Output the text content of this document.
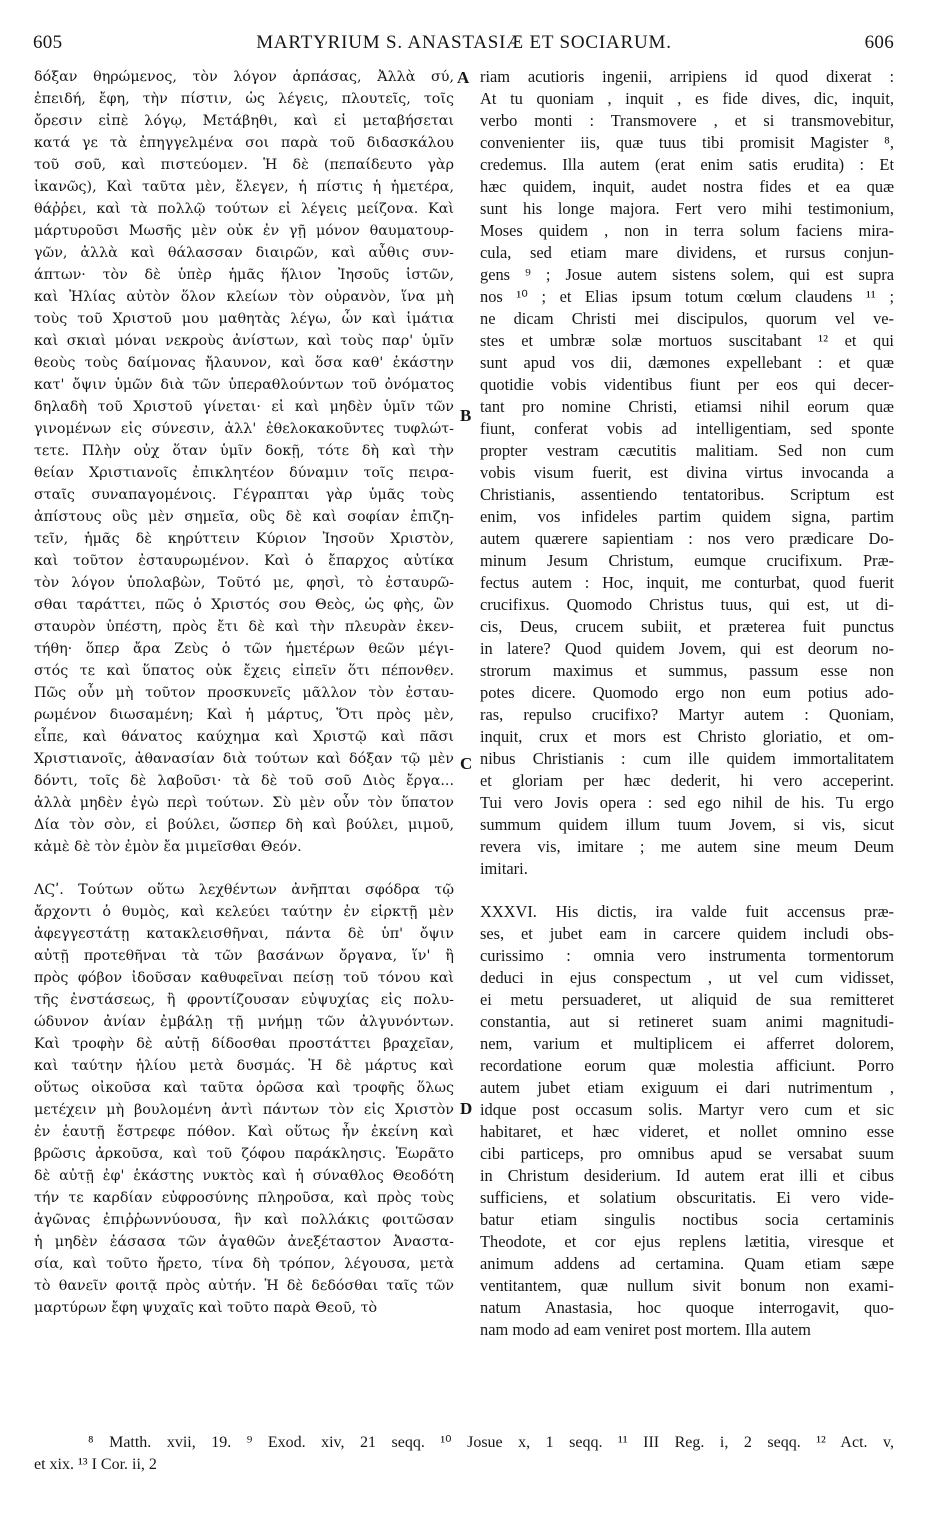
MARTYRIUM S. ANASTASIÆ ET SOCIARUM.
605	606
A
B
C
D
δόξαν θηρώμενος, τὸν λόγον ἁρπάσας, Ἀλλὰ σύ,
ἐπειδή, ἔφη, τὴν πίστιν, ὡς λέγεις, πλουτεῖς, τοῖς
ὄρεσιν εἰπὲ λόγῳ, Μετάβηθι, καὶ εἰ μεταβήσεται
κατά γε τὰ ἐπηγγελμένα σοι παρὰ τοῦ διδασκάλου
τοῦ σοῦ, καὶ πιστεύομεν. Ἡ δὲ (πεπαίδευτο γὰρ
ἱκανῶς), Καὶ ταῦτα μὲν, ἔλεγεν, ἡ πίστις ἡ ἡμετέρα,
θάῤῥει, καὶ τὰ πολλῷ τούτων εἰ λέγεις μείζονα. Καὶ
μάρτυροῦσι Μωσῆς μὲν οὐκ ἐν γῇ μόνον θαυματουρ-
γῶν, ἀλλὰ καὶ θάλασσαν διαιρῶν, καὶ αὖθις συν-
άπτων· τὸν δὲ ὑπὲρ ἡμᾶς ἥλιον Ἰησοῦς ἱστῶν,
καὶ Ἠλίας αὐτὸν ὅλον κλείων τὸν οὐρανὸν, ἵνα μὴ
τοὺς τοῦ Χριστοῦ μου μαθητὰς λέγω, ὧν καὶ ἱμάτια
καὶ σκιαὶ μόναι νεκροὺς ἀνίστων, καὶ τοὺς παρ' ὑμῖν
θεοὺς τοὺς δαίμονας ἤλαυνον, καὶ ὅσα καθ' ἑκάστην
κατ' ὄψιν ὑμῶν διὰ τῶν ὑπεραθλούντων τοῦ ὀνόματος
δηλαδὴ τοῦ Χριστοῦ γίνεται· εἰ καὶ μηδὲν ὑμῖν τῶν
γινομένων εἰς σύνεσιν, ἀλλ' ἐθελοκακοῦντες τυφλώτ-
τετε. Πλὴν οὐχ ὅταν ὑμῖν δοκῇ, τότε δὴ καὶ τὴν
θείαν Χριστιανοῖς ἐπικλητέον δύναμιν τοῖς πειρα-
σταῖς συναπαγομένοις. Γέγραπται γὰρ ὑμᾶς τοὺς
ἀπίστους οὓς μὲν σημεῖα, οὓς δὲ καὶ σοφίαν ἐπιζη-
τεῖν, ἡμᾶς δὲ κηρύττειν Κύριον Ἰησοῦν Χριστὸν,
καὶ τοῦτον ἐσταυρωμένον. Καὶ ὁ ἔπαρχος αὐτίκα
τὸν λόγον ὑπολαβὼν, Τοῦτό με, φησὶ, τὸ ἐσταυρῶ-
σθαι ταράττει, πῶς ὁ Χριστός σου Θεὸς, ὡς φὴς, ὢν
σταυρὸν ὑπέστη, πρὸς ἔτι δὲ καὶ τὴν πλευρὰν ἐκεν-
τήθη· ὅπερ ἄρα Ζεὺς ὁ τῶν ἡμετέρων θεῶν μέγι-
στός τε καὶ ὕπατος οὐκ ἔχεις εἰπεῖν ὅτι πέπονθεν.
Πῶς οὖν μὴ τοῦτον προσκυνεῖς μᾶλλον τὸν ἐσταυ-
ρωμένον διωσαμένη; Καὶ ἡ μάρτυς, Ὅτι πρὸς μὲν,
εἶπε, καὶ θάνατος καύχημα καὶ Χριστῷ καὶ πᾶσι
Χριστιανοῖς, ἀθανασίαν διὰ τούτων καὶ δόξαν τῷ μὲν
δόντι, τοῖς δὲ λαβοῦσι· τὰ δὲ τοῦ σοῦ Διὸς ἔργα...
ἀλλὰ μηδὲν ἐγὼ περὶ τούτων. Σὺ μὲν οὖν τὸν ὕπατον
Δία τὸν σὸν, εἰ βούλει, ὥσπερ δὴ καὶ βούλει, μιμοῦ,
κἀμὲ δὲ τὸν ἐμὸν ἔα μιμεῖσθαι Θεόν.
ΛϚʹ. Τούτων οὕτω λεχθέντων ἀνῆπται σφόδρα τῷ
ἄρχοντι ὁ θυμὸς, καὶ κελεύει ταύτην ἐν εἱρκτῇ μὲν
ἀφεγγεστάτῃ κατακλεισθῆναι, πάντα δὲ ὑπ' ὄψιν
αὐτῇ προτεθῆναι τὰ τῶν βασάνων ὄργανα, ἵν' ἢ
πρὸς φόβον ἰδοῦσαν καθυφεῖναι πείσῃ τοῦ τόνου καὶ
τῆς ἐνστάσεως, ἢ φροντίζουσαν εὐψυχίας εἰς πολυ-
ώδυνον ἀνίαν ἐμβάλῃ τῇ μνήμῃ τῶν ἀλγυνόντων.
Καὶ τροφὴν δὲ αὐτῇ δίδοσθαι προστάττει βραχεῖαν,
καὶ ταύτην ἡλίου μετὰ δυσμάς. Ἡ δὲ μάρτυς καὶ
οὕτως οἰκοῦσα καὶ ταῦτα ὁρῶσα καὶ τροφῆς ὅλως
μετέχειν μὴ βουλομένη ἀντὶ πάντων τὸν εἰς Χριστὸν
ἐν ἑαυτῇ ἔστρεφε πόθον. Καὶ οὕτως ἦν ἐκείνη καὶ
βρῶσις ἀρκοῦσα, καὶ τοῦ ζόφου παράκλησις. Ἑωρᾶτο
δὲ αὐτῇ ἐφ' ἑκάστης νυκτὸς καὶ ἡ σύναθλος Θεοδότη
τήν τε καρδίαν εὐφροσύνης πληροῦσα, καὶ πρὸς τοὺς
ἀγῶνας ἐπιῤῥωννύουσα, ἣν καὶ πολλάκις φοιτῶσαν
ἡ μηδὲν ἐάσασα τῶν ἀγαθῶν ἀνεξέταστον Ἀναστα-
σία, καὶ τοῦτο ἤρετο, τίνα δὴ τρόπον, λέγουσα, μετὰ
τὸ θανεῖν φοιτᾷ πρὸς αὐτήν. Ἡ δὲ δεδόσθαι ταῖς τῶν
μαρτύρων ἔφη ψυχαῖς καὶ τοῦτο παρὰ Θεοῦ, τὸ
riam acutioris ingenii, arripiens id quod dixerat :
At tu quoniam , inquit , es fide dives, dic, inquit,
verbo monti : Transmovere , et si transmovebitur,
convenienter iis, quæ tuus tibi promisit Magister ⁸,
credemus. Illa autem (erat enim satis erudita) : Et
hæc quidem, inquit, audet nostra fides et ea quæ
sunt his longe majora. Fert vero mihi testimonium,
Moses quidem , non in terra solum faciens mira-
cula, sed etiam mare dividens, et rursus conjun-
gens ⁹ ; Josue autem sistens solem, qui est supra
nos ¹⁰ ; et Elias ipsum totum cœlum claudens ¹¹ ;
ne dicam Christi mei discipulos, quorum vel ve-
stes et umbræ solæ mortuos suscitabant ¹² et qui
sunt apud vos dii, dæmones expellebant : et quæ
quotidie vobis videntibus fiunt per eos qui decer-
tant pro nomine Christi, etiamsi nihil eorum quæ
fiunt, conferat vobis ad intelligentiam, sed sponte
propter vestram cæcutitis malitiam. Sed non cum
vobis visum fuerit, est divina virtus invocanda a
Christianis, assentiendo tentatoribus. Scriptum est
enim, vos infideles partim quidem signa, partim
autem quærere sapientiam : nos vero prædicare Do-
minum Jesum Christum, eumque crucifixum. Præ-
fectus autem : Hoc, inquit, me conturbat, quod fuerit
crucifixus. Quomodo Christus tuus, qui est, ut di-
cis, Deus, crucem subiit, et præterea fuit punctus
in latere? Quod quidem Jovem, qui est deorum no-
strorum maximus et summus, passum esse non
potes dicere. Quomodo ergo non eum potius ado-
ras, repulso crucifixo? Martyr autem : Quoniam,
inquit, crux et mors est Christo gloriatio, et om-
nibus Christianis : cum ille quidem immortalitatem
et gloriam per hæc dederit, hi vero acceperint.
Tui vero Jovis opera : sed ego nihil de his. Tu ergo
summum quidem illum tuum Jovem, si vis, sicut
revera vis, imitare ; me autem sine meum Deum
imitari.
XXXVI. His dictis, ira valde fuit accensus præ-
ses, et jubet eam in carcere quidem includi obs-
curissimo : omnia vero instrumenta tormentorum
deduci in ejus conspectum , ut vel cum vidisset,
ei metu persuaderet, ut aliquid de sua remitteret
constantia, aut si retineret suam animi magnitudi-
nem, varium et multiplicem ei afferret dolorem,
recordatione eorum quæ molestia afficiunt. Porro
autem jubet etiam exiguum ei dari nutrimentum ,
idque post occasum solis. Martyr vero cum et sic
habitaret, et hæc videret, et nollet omnino esse
cibi particeps, pro omnibus apud se versabat suum
in Christum desiderium. Id autem erat illi et cibus
sufficiens, et solatium obscuritatis. Ei vero vide-
batur etiam singulis noctibus socia certaminis
Theodote, et cor ejus replens lætitia, viresque et
animum addens ad certamina. Quam etiam sæpe
ventitantem, quæ nullum sivit bonum non exami-
natum Anastasia, hoc quoque interrogavit, quo-
nam modo ad eam veniret post mortem. Illa autem
⁸ Matth. xvii, 19. ⁹ Exod. xiv, 21 seqq. ¹⁰ Josue x, 1 seqq. ¹¹ III Reg. i, 2 seqq. ¹² Act. v,
et xix. ¹³ I Cor. ii, 2
